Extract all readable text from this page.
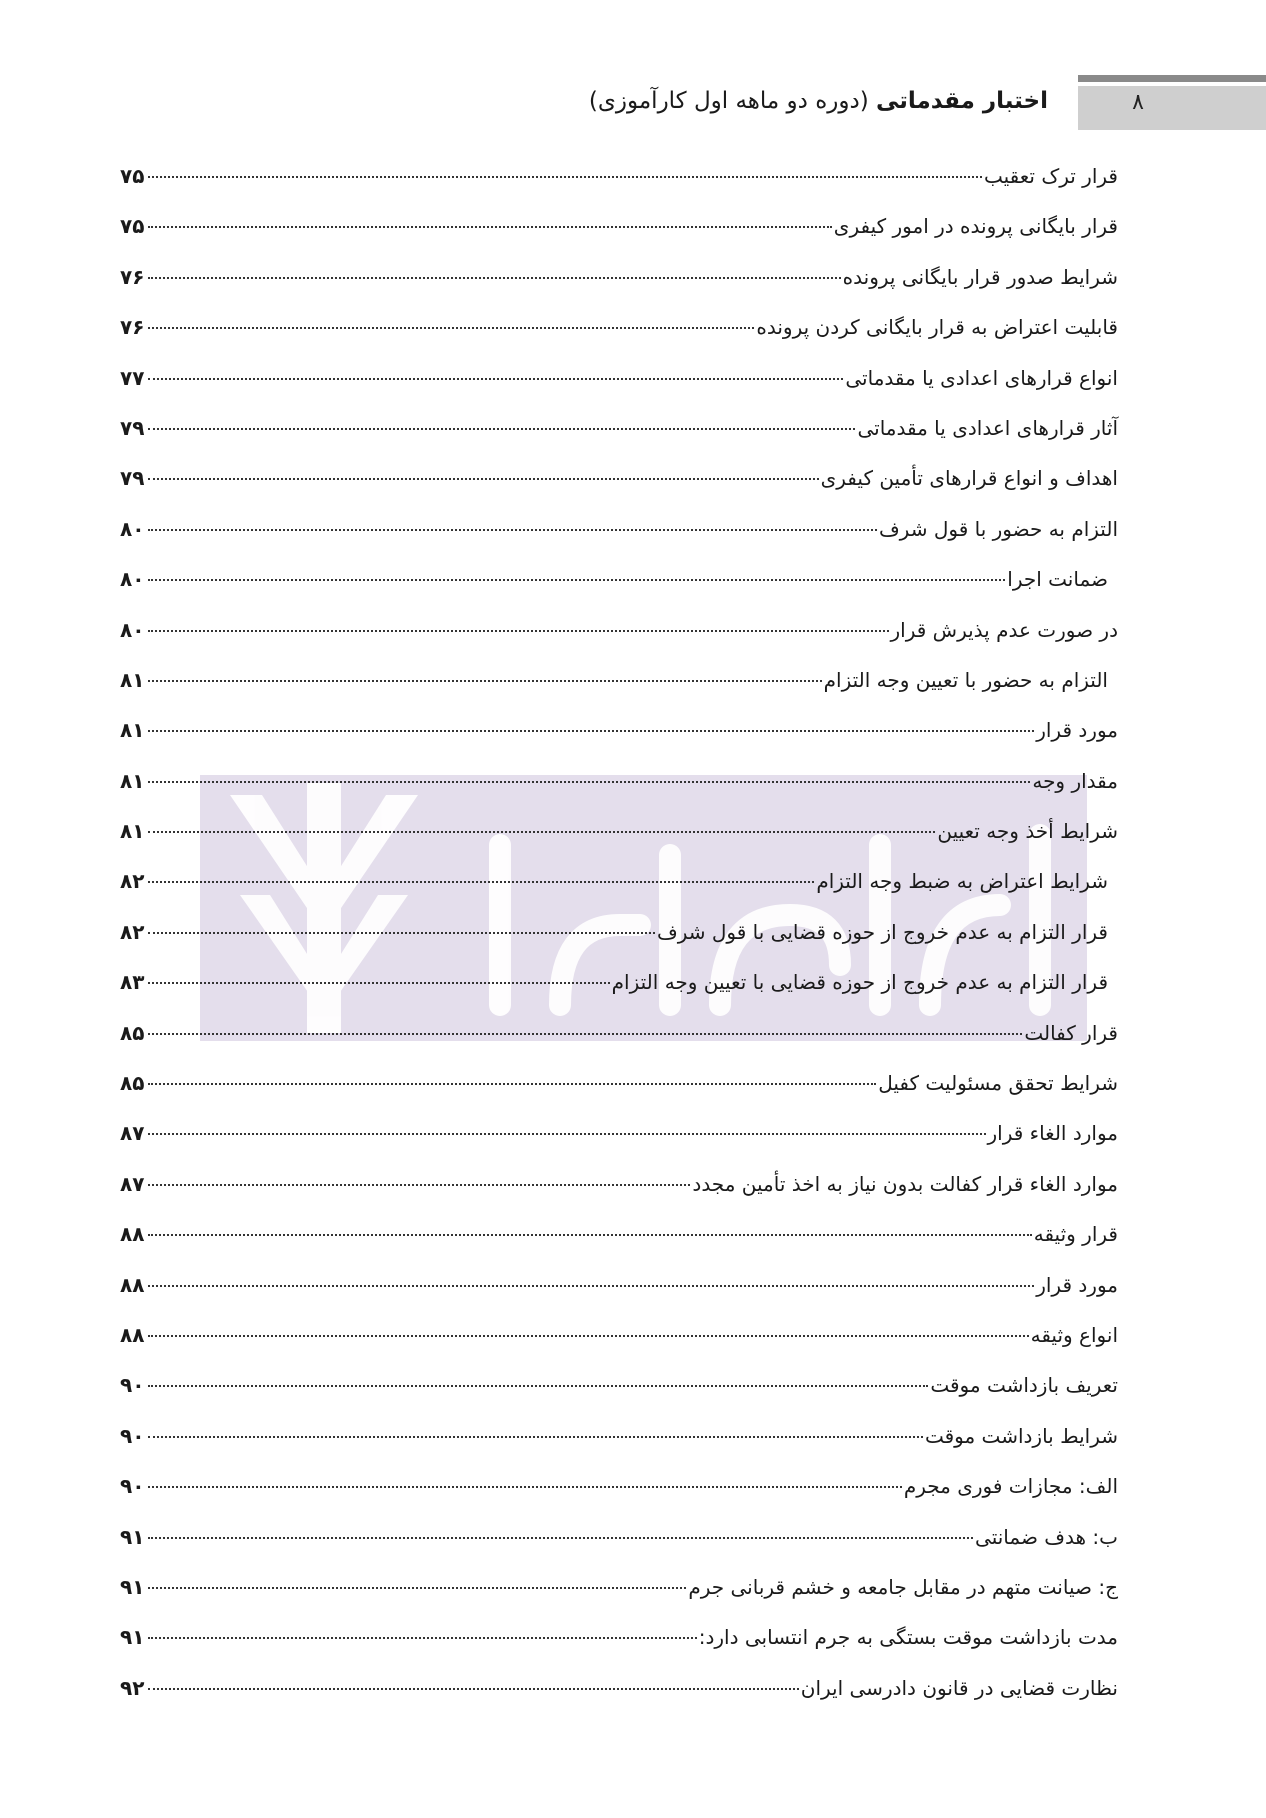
۸
اختبار مقدماتی (دوره دو ماهه اول کارآموزی)
قرار ترک تعقیب
۷۵
قرار بایگانی پرونده در امور کیفری
۷۵
شرایط صدور قرار بایگانی پرونده
۷۶
قابلیت اعتراض به قرار بایگانی کردن پرونده
۷۶
انواع قرارهای اعدادی یا مقدماتی
۷۷
آثار قرارهای اعدادی یا مقدماتی
۷۹
اهداف و انواع قرارهای تأمین کیفری
۷۹
التزام به حضور با قول شرف
۸۰
ضمانت اجرا
۸۰
در صورت عدم پذیرش قرار
۸۰
التزام به حضور با تعیین وجه التزام
۸۱
مورد قرار
۸۱
مقدار وجه
۸۱
شرایط أخذ وجه تعیین
۸۱
شرایط اعتراض به ضبط وجه التزام
۸۲
قرار التزام به عدم خروج از حوزه قضایی با قول شرف
۸۲
قرار التزام به عدم خروج از حوزه قضایی با تعیین وجه التزام
۸۳
قرار کفالت
۸۵
شرایط تحقق مسئولیت کفیل
۸۵
موارد الغاء قرار
۸۷
موارد الغاء قرار کفالت بدون نیاز به اخذ تأمین مجدد
۸۷
قرار وثیقه
۸۸
مورد قرار
۸۸
انواع وثیقه
۸۸
تعریف بازداشت موقت
۹۰
شرایط بازداشت موقت
۹۰
الف: مجازات فوری مجرم
۹۰
ب: هدف ضمانتی
۹۱
ج: صیانت متهم در مقابل جامعه و خشم قربانی جرم
۹۱
مدت بازداشت موقت بستگی به جرم انتسابی دارد:
۹۱
نظارت قضایی در قانون دادرسی ایران
۹۲
